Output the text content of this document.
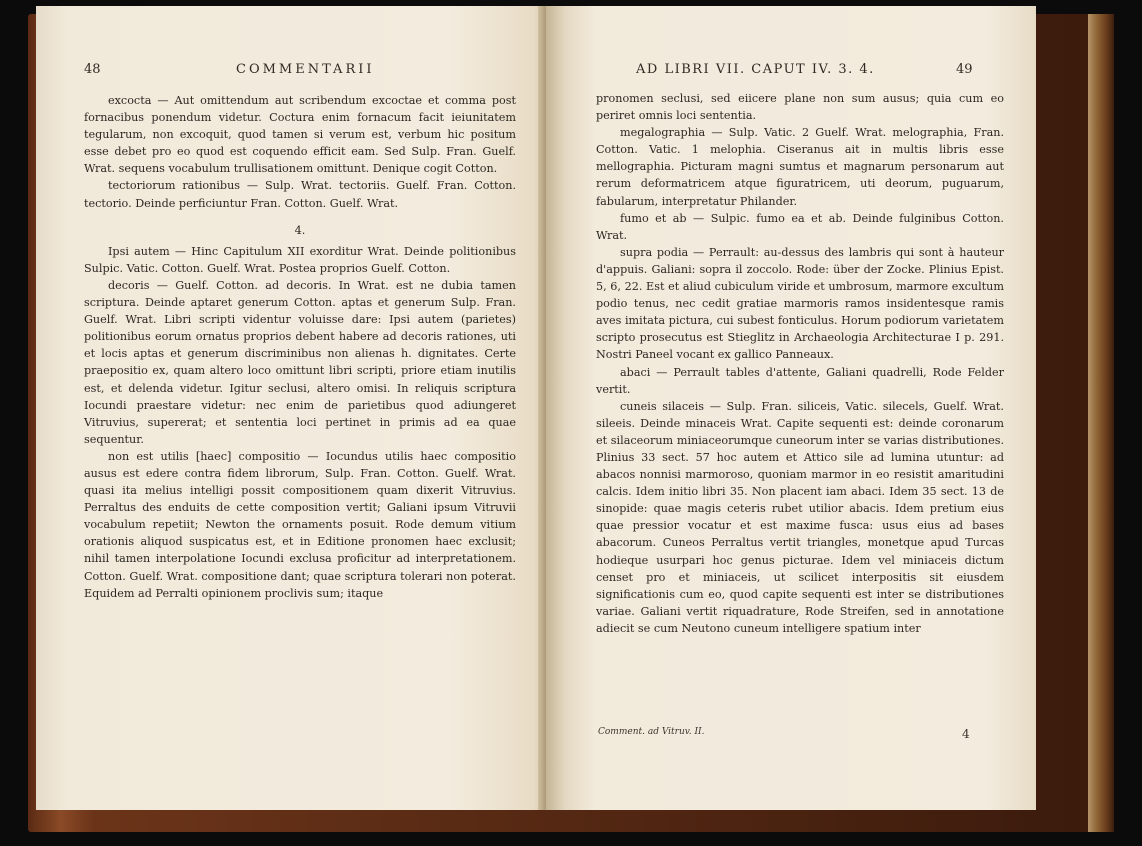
48	COMMENTARII

excocta — Aut omittendum aut scribendum excoctae et comma post fornacibus ponendum videtur. Coctura enim fornacum facit ieiunitatem tegularum, non excoquit, quod tamen si verum est, verbum hic positum esse debet pro eo quod est coquendo efficit eam. Sed Sulp. Fran. Guelf. Wrat. sequens vocabulum trullisationem omittunt. Denique cogit Cotton.

tectoriorum rationibus — Sulp. Wrat. tectoriis. Guelf. Fran. Cotton. tectorio. Deinde perficiuntur Fran. Cotton. Guelf. Wrat.

4.

Ipsi autem — Hinc Capitulum XII exorditur Wrat. Deinde politionibus Sulpic. Vatic. Cotton. Guelf. Wrat. Postea proprios Guelf. Cotton.

decoris — Guelf. Cotton. ad decoris. In Wrat. est ne dubia tamen scriptura. Deinde aptaret generum Cotton. aptas et generum Sulp. Fran. Guelf. Wrat. Libri scripti videntur voluisse dare: Ipsi autem (parietes) politionibus eorum ornatus proprios debent habere ad decoris rationes, uti et locis aptas et generum discriminibus non alienas h. dignitates. Certe praepositio ex, quam altero loco omittunt libri scripti, priore etiam inutilis est, et delenda videtur. Igitur seclusi, altero omisi. In reliquis scriptura Iocundi praestare videtur: nec enim de parietibus quod adiungeret Vitruvius, supererat; et sententia loci pertinet in primis ad ea quae sequentur.

non est utilis [haec] compositio — Iocundus utilis haec compositio ausus est edere contra fidem librorum, Sulp. Fran. Cotton. Guelf. Wrat. quasi ita melius intelligi possit compositionem quam dixerit Vitruvius. Perraltus des enduits de cette composition vertit; Galiani ipsum Vitruvii vocabulum repetiit; Newton the ornaments posuit. Rode demum vitium orationis aliquod suspicatus est, et in Editione pronomen haec exclusit; nihil tamen interpolatione Iocundi exclusa proficitur ad interpretationem. Cotton. Guelf. Wrat. compositione dant; quae scriptura tolerari non poterat. Equidem ad Perralti opinionem proclivis sum; itaque

AD LIBRI VII. CAPUT IV. 3. 4.	49

pronomen seclusi, sed eiicere plane non sum ausus; quia cum eo periret omnis loci sententia.

megalographia — Sulp. Vatic. 2 Guelf. Wrat. melographia, Fran. Cotton. Vatic. 1 melophia. Ciseranus ait in multis libris esse mellographia. Picturam magni sumtus et magnarum personarum aut rerum deformatricem atque figuratricem, uti deorum, puguarum, fabularum, interpretatur Philander.

fumo et ab — Sulpic. fumo ea et ab. Deinde fulginibus Cotton. Wrat.

supra podia — Perrault: au-dessus des lambris qui sont à hauteur d'appuis. Galiani: sopra il zoccolo. Rode: über der Zocke. Plinius Epist. 5, 6, 22. Est et aliud cubiculum viride et umbrosum, marmore excultum podio tenus, nec cedit gratiae marmoris ramos insidentesque ramis aves imitata pictura, cui subest fonticulus. Horum podiorum varietatem scripto prosecutus est Stieglitz in Archaeologia Architecturae I p. 291. Nostri Paneel vocant ex gallico Panneaux.

abaci — Perrault tables d'attente, Galiani quadrelli, Rode Felder vertit.

cuneis silaceis — Sulp. Fran. siliceis, Vatic. silecels, Guelf. Wrat. sileeis. Deinde minaceis Wrat. Capite sequenti est: deinde coronarum et silaceorum miniaceorumque cuneorum inter se varias distributiones. Plinius 33 sect. 57 hoc autem et Attico sile ad lumina utuntur: ad abacos nonnisi marmoroso, quoniam marmor in eo resistit amaritudini calcis. Idem initio libri 35. Non placent iam abaci. Idem 35 sect. 13 de sinopide: quae magis ceteris rubet utilior abacis. Idem pretium eius quae pressior vocatur et est maxime fusca: usus eius ad bases abacorum. Cuneos Perraltus vertit triangles, monetque apud Turcas hodieque usurpari hoc genus picturae. Idem vel miniaceis dictum censet pro et miniaceis, ut scilicet interpositis sit eiusdem significationis cum eo, quod capite sequenti est inter se distributiones variae. Galiani vertit riquadrature, Rode Streifen, sed in annotatione adiecit se cum Neutono cuneum intelligere spatium inter

Comment. ad Vitruv. II.	4
